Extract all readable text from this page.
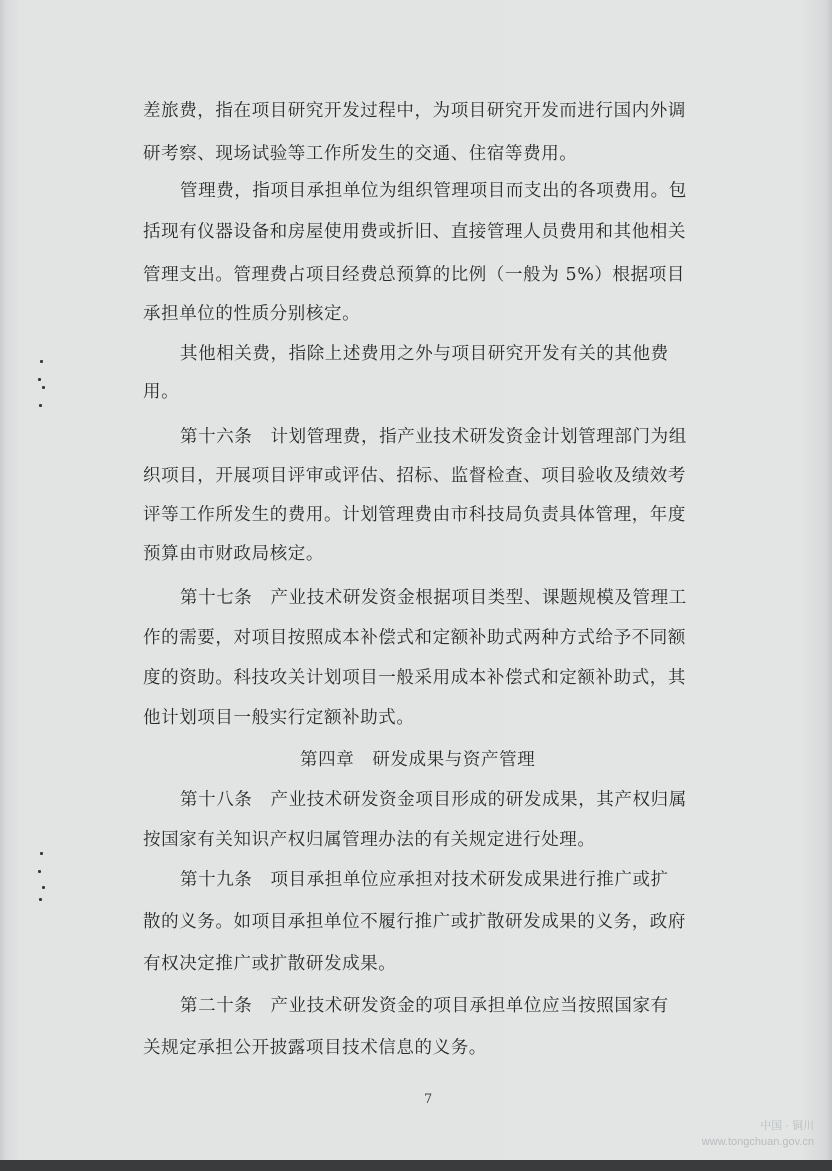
差旅费，指在项目研究开发过程中，为项目研究开发而进行国内外调
研考察、现场试验等工作所发生的交通、住宿等费用。
管理费，指项目承担单位为组织管理项目而支出的各项费用。包
括现有仪器设备和房屋使用费或折旧、直接管理人员费用和其他相关
管理支出。管理费占项目经费总预算的比例（一般为 5%）根据项目
承担单位的性质分别核定。
其他相关费，指除上述费用之外与项目研究开发有关的其他费
用。
第十六条　计划管理费，指产业技术研发资金计划管理部门为组
织项目，开展项目评审或评估、招标、监督检查、项目验收及绩效考
评等工作所发生的费用。计划管理费由市科技局负责具体管理，年度
预算由市财政局核定。
第十七条　产业技术研发资金根据项目类型、课题规模及管理工
作的需要，对项目按照成本补偿式和定额补助式两种方式给予不同额
度的资助。科技攻关计划项目一般采用成本补偿式和定额补助式，其
他计划项目一般实行定额补助式。
第十八条　产业技术研发资金项目形成的研发成果，其产权归属
按国家有关知识产权归属管理办法的有关规定进行处理。
第十九条　项目承担单位应承担对技术研发成果进行推广或扩
散的义务。如项目承担单位不履行推广或扩散研发成果的义务，政府
有权决定推广或扩散研发成果。
第二十条　产业技术研发资金的项目承担单位应当按照国家有
关规定承担公开披露项目技术信息的义务。
第四章　研发成果与资产管理
7
中国 · 铜川
www.tongchuan.gov.cn
